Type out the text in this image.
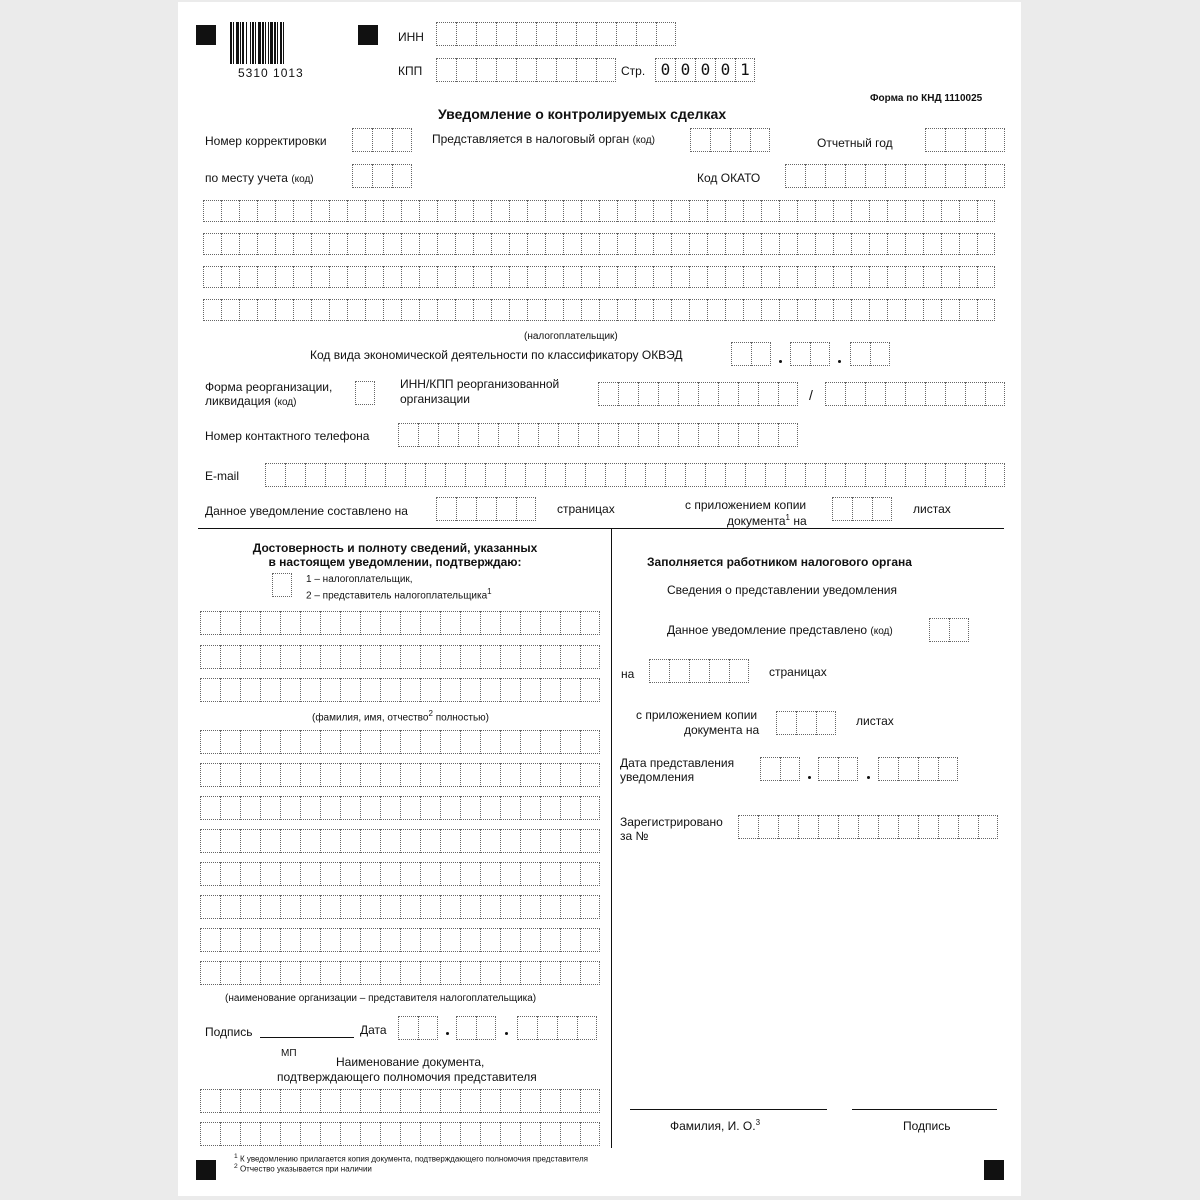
5310 1013
ИНН
КПП	Стр. 0 0 0 0 1
Форма по КНД 1110025
Уведомление о контролируемых сделках
Номер корректировки	Представляется в налоговый орган (код)	Отчетный год
по месту учета (код)	Код ОКАТО
(налогоплательщик)
Код вида экономической деятельности по классификатору ОКВЭД
Форма реорганизации,
ликвидация (код)
ИНН/КПП реорганизованной
организации	/
Номер контактного телефона
E-mail
Данное уведомление составлено на	страницах	с приложением копии
документа$^1$ на
листах
Достоверность и полноту сведений, указанных
в настоящем уведомлении, подтверждаю:
1 – налогоплательщик,
2 – представитель налогоплательщика$^1$
(фамилия, имя, отчество$^2$ полностью)
(наименование организации – представителя налогоплательщика)
Подпись	Дата
МП
Наименование документа,
подтверждающего полномочия представителя
$^1$ К уведомлению прилагается копия документа, подтверждающего полномочия представителя
$^2$ Отчество указывается при наличии
Заполняется работником налогового органа
Сведения о представлении уведомления
Данное уведомление представлено (код)
на	страницах
с приложением копии
документа на
листах
Дата представления
уведомления
Зарегистрировано
за №
Фамилия, И. О.$^3$	Подпись
